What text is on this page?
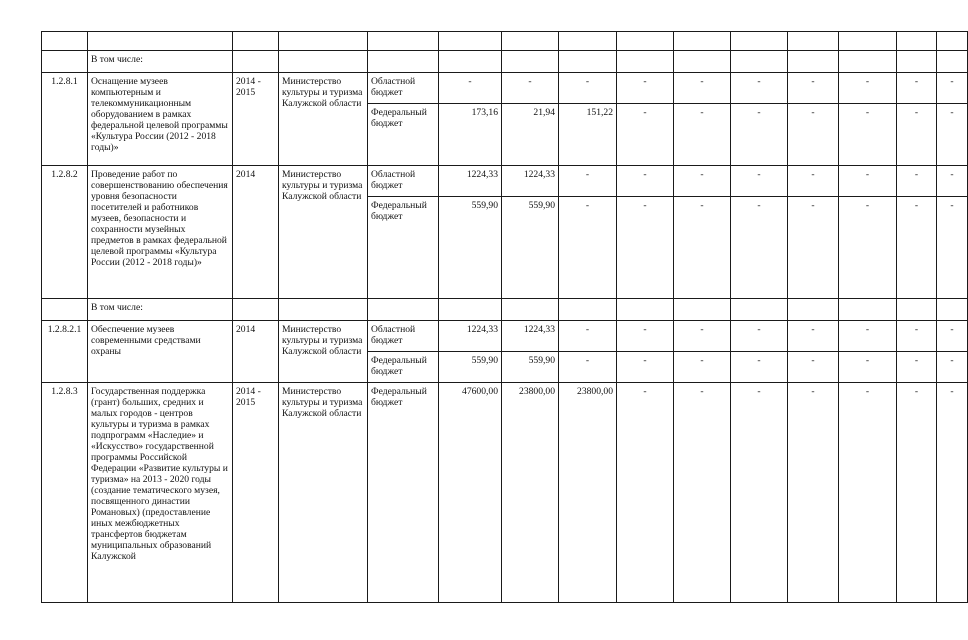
	В том числе:													
1.2.8.1	Оснащение музеев компьютерным и телекоммуникационным оборудованием в рамках федеральной целевой программы «Культура России (2012 - 2018 годы)»	2014 - 2015	Министерство культуры и туризма Калужской области	Областной бюджет	-	-	-	-	-	-	-	-	-	-
				Федеральный бюджет	173,16	21,94	151,22	-	-	-	-	-	-	-
1.2.8.2	Проведение работ по совершенствованию обеспечения уровня безопасности посетителей и работников музеев, безопасности и сохранности музейных предметов в рамках федеральной целевой программы «Культура России (2012 - 2018 годы)»	2014	Министерство культуры и туризма Калужской области	Областной бюджет	1224,33	1224,33	-	-	-	-	-	-	-	-
				Федеральный бюджет	559,90	559,90	-	-	-	-	-	-	-	-
	В том числе:													
1.2.8.2.1	Обеспечение музеев современными средствами охраны	2014	Министерство культуры и туризма Калужской области	Областной бюджет	1224,33	1224,33	-	-	-	-	-	-	-	-
				Федеральный бюджет	559,90	559,90	-	-	-	-	-	-	-	-
1.2.8.3	Государственная поддержка (грант) больших, средних и малых городов - центров культуры и туризма в рамках подпрограмм «Наследие» и «Искусство» государственной программы Российской Федерации «Развитие культуры и туризма» на 2013 - 2020 годы (создание тематического музея, посвященного династии Романовых) (предоставление иных межбюджетных трансфертов бюджетам муниципальных образований Калужской	2014 - 2015	Министерство культуры и туризма Калужской области	Федеральный бюджет	47600,00	23800,00	23800,00	-	-	-	-	-	-	-
